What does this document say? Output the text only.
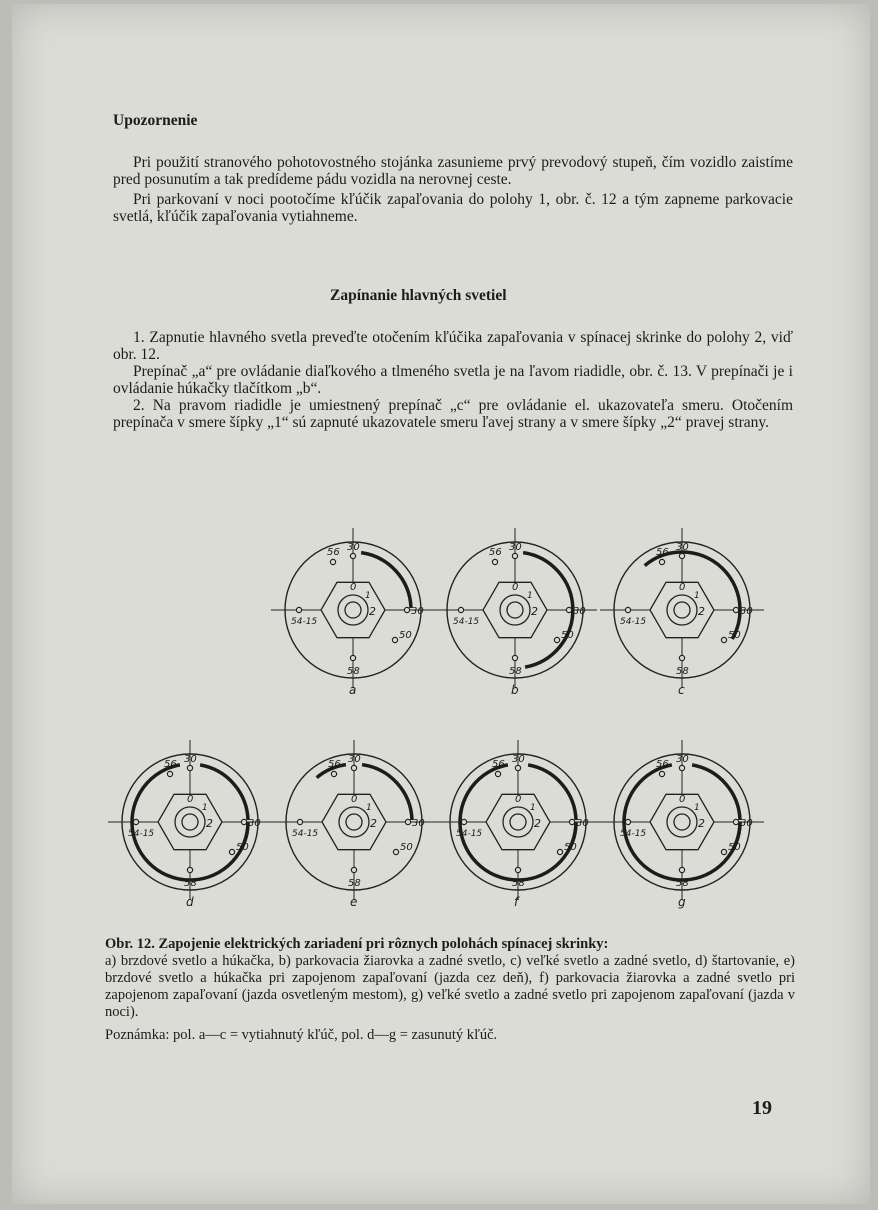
Upozornenie

Pri použití stranového pohotovostného stojánka zasunieme prvý prevodový stupeň, čím vozidlo zaistíme pred posunutím a tak predídeme pádu vozidla na nerovnej ceste.

Pri parkovaní v noci pootočíme kľúčik zapaľovania do polohy 1, obr. č. 12 a tým zapneme parkovacie svetlá, kľúčik zapaľovania vytiahneme.

Zapínanie hlavných svetiel

1. Zapnutie hlavného svetla preveďte otočením kľúčika zapaľovania v spínacej skrinke do polohy 2, viď obr. 12.

Prepínač „a“ pre ovládanie diaľkového a tlmeného svetla je na ľavom riadidle, obr. č. 13. V prepínači je i ovládanie húkačky tlačítkom „b“.

2. Na pravom riadidle je umiestnený prepínač „c“ pre ovládanie el. ukazovateľa smeru. Otočením prepínača v smere šípky „1“ sú zapnuté ukazovatele smeru ľavej strany a v smere šípky „2“ pravej strany.

56 30
54-15
30
50
58
0
1
2
a
56 30
54-15
30
50
58
0
1
2
b
56 30
54-15
30
50
58
0
1
2
c
56 30
54-15
30
50
58
0
1
2
d
56 30
54-15
30
50
58
0
1
2
e
56 30
54-15
30
50
58
0
1
2
f
56 30
54-15
30
50
58
0
1
2
g
Obr. 12. Zapojenie elektrických zariadení pri rôznych polohách spínacej skrinky:
a) brzdové svetlo a húkačka, b) parkovacia žiarovka a zadné svetlo, c) veľké svetlo a zadné svetlo, d) štartovanie, e) brzdové svetlo a húkačka pri zapojenom zapaľovaní (jazda cez deň), f) parkovacia žiarovka a zadné svetlo pri zapojenom zapaľovaní (jazda osvetleným mestom), g) veľké svetlo a zadné svetlo pri zapojenom zapaľovaní (jazda v noci).
Poznámka: pol. a—c = vytiahnutý kľúč, pol. d—g = zasunutý kľúč.
19
